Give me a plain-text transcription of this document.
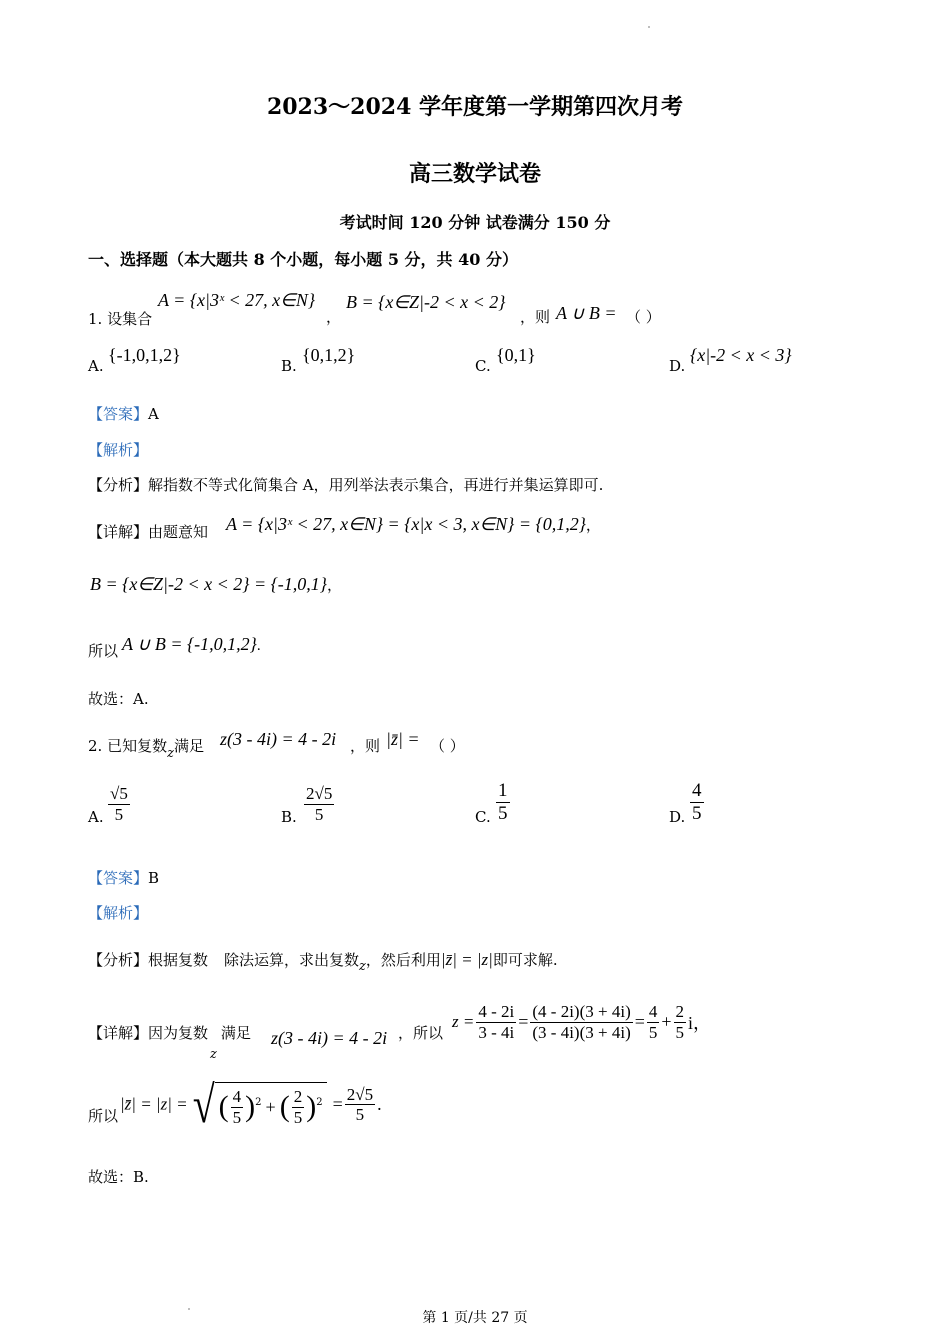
2023～2024 学年度第一学期第四次月考
高三数学试卷
考试时间 120 分钟 试卷满分 150 分
一、选择题（本大题共 8 个小题，每小题 5 分，共 40 分）
1. 设集合
A = {x|3ˣ < 27, x∈N}
，
B = {x∈Z|-2 < x < 2}
，则 A ∪ B = （ ）
A.
{-1,0,1,2}
B.
{0,1,2}
C.
{0,1}
D.
{x|-2 < x < 3}
【答案】A
【解析】
【分析】解指数不等式化简集合 A，用列举法表示集合，再进行并集运算即可.
【详解】由题意知 A = {x|3ˣ < 27, x∈N} = {x|x < 3, x∈N} = {0,1,2}，
B = {x∈Z|-2 < x < 2} = {-1,0,1}，
所以 A ∪ B = {-1,0,1,2}.
故选：A.
2. 已知复数z满足 z(3 - 4i) = 4 - 2i ，则 |z̄| = （ ）
A. $\frac{√5}{5}$	B. $\frac{2√5}{5}$	C. $\frac{1}{5}$	D. $\frac{4}{5}$
【答案】B
【解析】
【分析】根据复数 除法运算，求出复数z，然后利用|z̄| = |z|即可求解.
【详解】因为复数z满足 z(3 - 4i) = 4 - 2i ，所以
$z = \frac{4 - 2i}{3 - 4i} = \frac{(4 - 2i)(3 + 4i)}{(3 - 4i)(3 + 4i)} = \frac{4}{5} + \frac{2}{5}$ i，
所以
|z̄| = |z| = √ ( $\frac{4}{5} )^2$ + ( $\frac{2}{5} )^2 = \frac{2√5}{5}$ .
故选：B.
第 1 页/共 27 页
